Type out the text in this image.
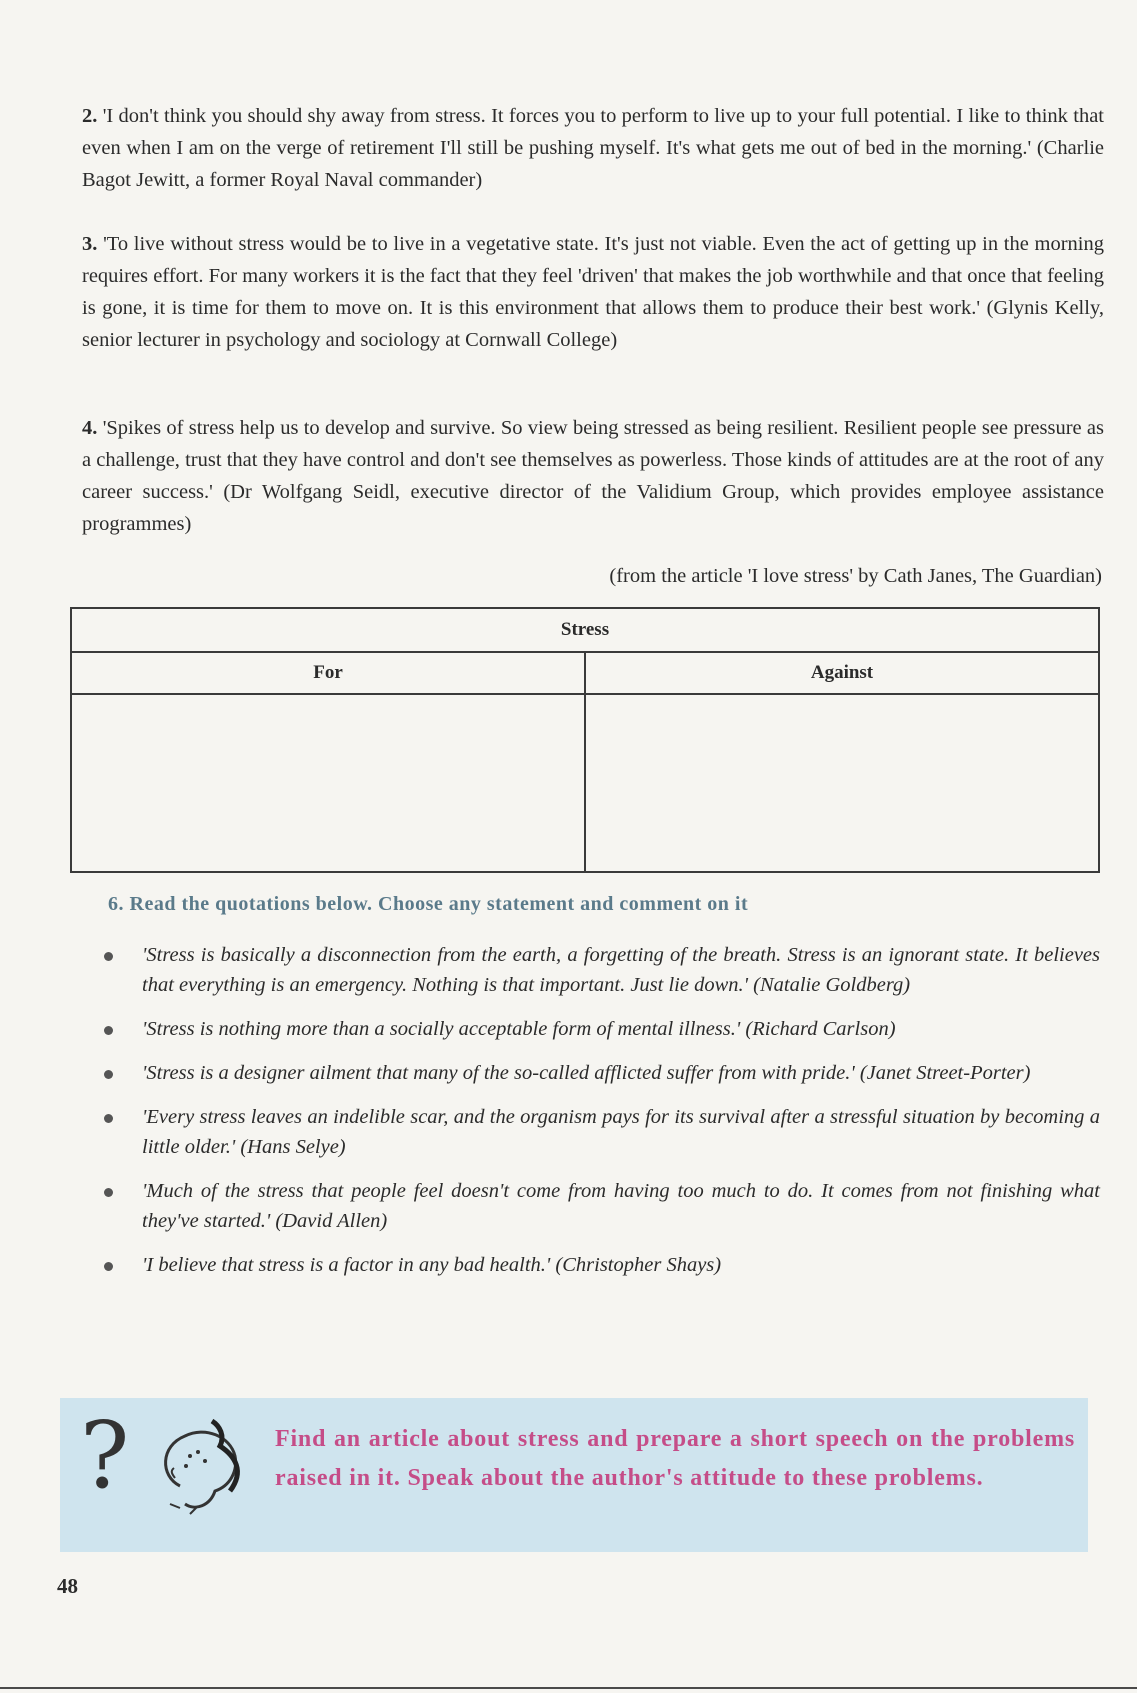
2. 'I don't think you should shy away from stress. It forces you to perform to live up to your full potential. I like to think that even when I am on the verge of retirement I'll still be pushing myself. It's what gets me out of bed in the morning.' (Charlie Bagot Jewitt, a former Royal Naval commander)

3. 'To live without stress would be to live in a vegetative state. It's just not viable. Even the act of getting up in the morning requires effort. For many workers it is the fact that they feel 'driven' that makes the job worthwhile and that once that feeling is gone, it is time for them to move on. It is this environment that allows them to produce their best work.' (Glynis Kelly, senior lecturer in psychology and sociology at Cornwall College)

4. 'Spikes of stress help us to develop and survive. So view being stressed as being resilient. Resilient people see pressure as a challenge, trust that they have control and don't see themselves as powerless. Those kinds of attitudes are at the root of any career success.' (Dr Wolfgang Seidl, executive director of the Validium Group, which provides employee assistance programmes)

(from the article 'I love stress' by Cath Janes, The Guardian)
Stress	
For	Against

6. Read the quotations below. Choose any statement and comment on it
'Stress is basically a disconnection from the earth, a forgetting of the breath. Stress is an ignorant state. It believes that everything is an emergency. Nothing is that important. Just lie down.' (Natalie Goldberg)
'Stress is nothing more than a socially acceptable form of mental illness.' (Richard Carlson)
'Stress is a designer ailment that many of the so-called afflicted suffer from with pride.' (Janet Street-Porter)
'Every stress leaves an indelible scar, and the organism pays for its survival after a stressful situation by becoming a little older.' (Hans Selye)
'Much of the stress that people feel doesn't come from having too much to do. It comes from not finishing what they've started.' (David Allen)
'I believe that stress is a factor in any bad health.' (Christopher Shays)
?	Find an article about stress and prepare a short speech on the problems raised in it. Speak about the author's attitude to these problems.
48
